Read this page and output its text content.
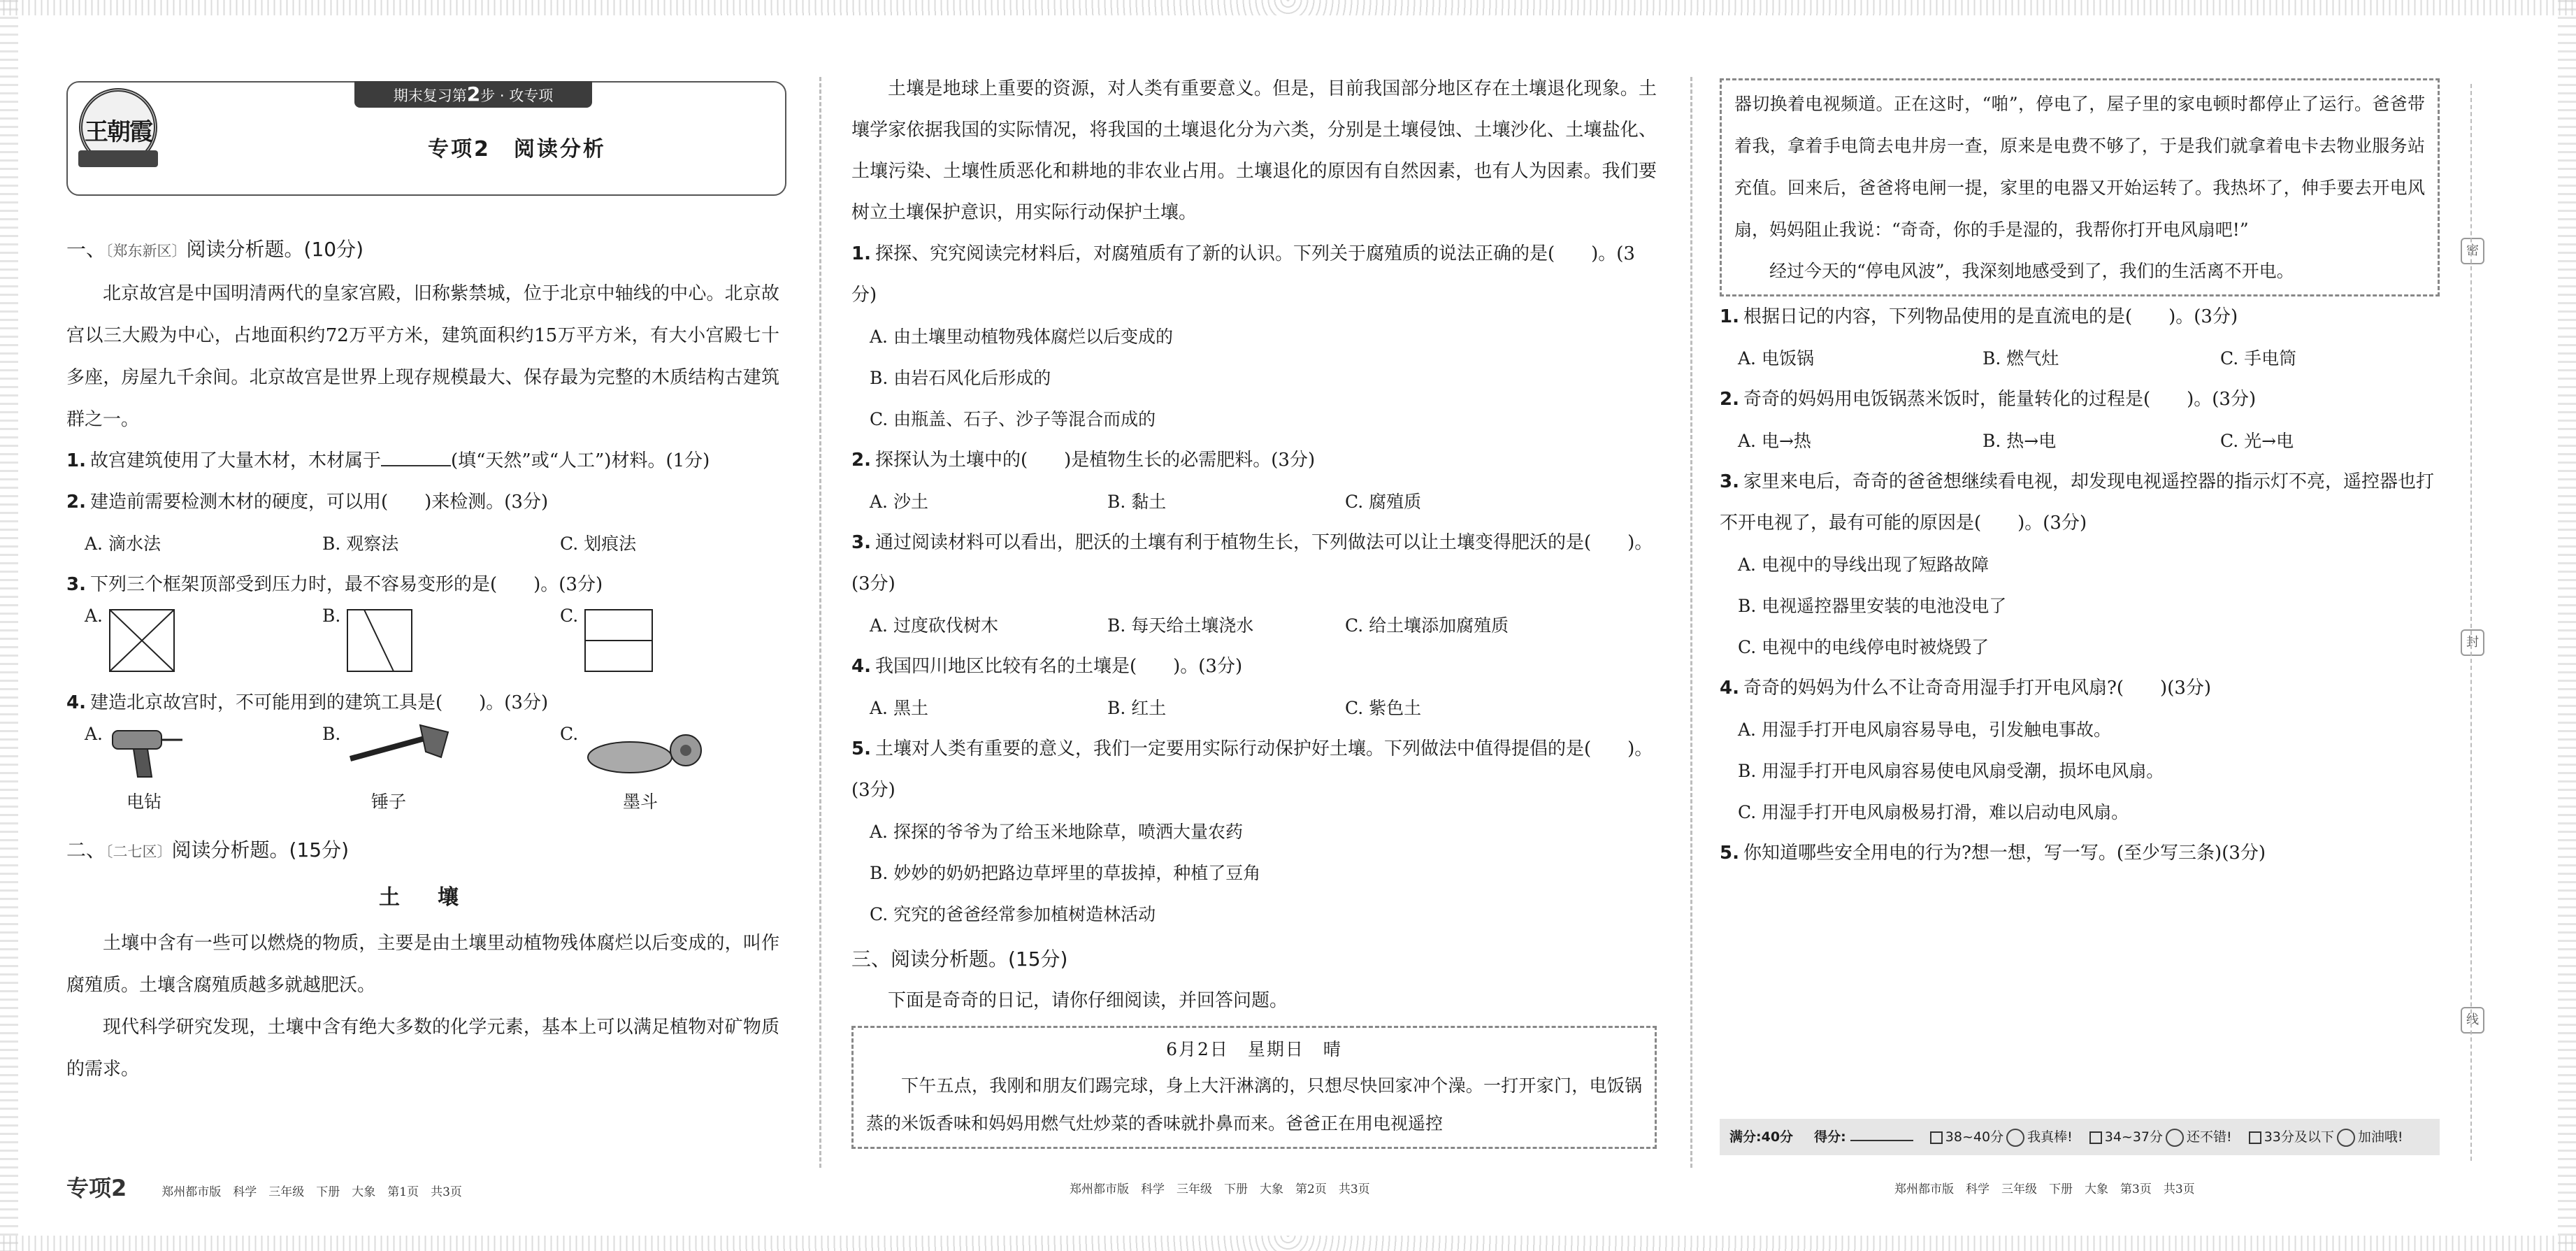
王朝霞
期末复习第2步 · 攻专项
专项2　阅读分析

一、〔郑东新区〕阅读分析题。(10分)

北京故宫是中国明清两代的皇家宫殿，旧称紫禁城，位于北京中轴线的中心。北京故宫以三大殿为中心，占地面积约72万平方米，建筑面积约15万平方米，有大小宫殿七十多座，房屋九千余间。北京故宫是世界上现存规模最大、保存最为完整的木质结构古建筑群之一。

1. 故宫建筑使用了大量木材，木材属于	(填“天然”或“人工”)材料。(1分)

2. 建造前需要检测木材的硬度，可以用(　　)来检测。(3分)

A. 滴水法	B. 观察法	C. 划痕法

3. 下列三个框架顶部受到压力时，最不容易变形的是(　　)。(3分)

A.	B.	C.

4. 建造北京故宫时，不可能用到的建筑工具是(　　)。(3分)

A.
电钻
B.
锤子
C.
墨斗

二、〔二七区〕阅读分析题。(15分)

土　壤

土壤中含有一些可以燃烧的物质，主要是由土壤里动植物残体腐烂以后变成的，叫作腐殖质。土壤含腐殖质越多就越肥沃。

现代科学研究发现，土壤中含有绝大多数的化学元素，基本上可以满足植物对矿物质的需求。

土壤是地球上重要的资源，对人类有重要意义。但是，目前我国部分地区存在土壤退化现象。土壤学家依据我国的实际情况，将我国的土壤退化分为六类，分别是土壤侵蚀、土壤沙化、土壤盐化、土壤污染、土壤性质恶化和耕地的非农业占用。土壤退化的原因有自然因素，也有人为因素。我们要树立土壤保护意识，用实际行动保护土壤。

1. 探探、究究阅读完材料后，对腐殖质有了新的认识。下列关于腐殖质的说法正确的是(　　)。(3分)

A. 由土壤里动植物残体腐烂以后变成的

B. 由岩石风化后形成的

C. 由瓶盖、石子、沙子等混合而成的

2. 探探认为土壤中的(　　)是植物生长的必需肥料。(3分)

A. 沙土	B. 黏土	C. 腐殖质

3. 通过阅读材料可以看出，肥沃的土壤有利于植物生长，下列做法可以让土壤变得肥沃的是(　　)。(3分)

A. 过度砍伐树木	B. 每天给土壤浇水	C. 给土壤添加腐殖质

4. 我国四川地区比较有名的土壤是(　　)。(3分)

A. 黑土	B. 红土	C. 紫色土

5. 土壤对人类有重要的意义，我们一定要用实际行动保护好土壤。下列做法中值得提倡的是(　　)。(3分)

A. 探探的爷爷为了给玉米地除草，喷洒大量农药

B. 妙妙的奶奶把路边草坪里的草拔掉，种植了豆角

C. 究究的爸爸经常参加植树造林活动

三、阅读分析题。(15分)

下面是奇奇的日记，请你仔细阅读，并回答问题。

6月2日　星期日　晴

下午五点，我刚和朋友们踢完球，身上大汗淋漓的，只想尽快回家冲个澡。一打开家门，电饭锅蒸的米饭香味和妈妈用燃气灶炒菜的香味就扑鼻而来。爸爸正在用电视遥控

器切换着电视频道。正在这时，“啪”，停电了，屋子里的家电顿时都停止了运行。爸爸带着我，拿着手电筒去电井房一查，原来是电费不够了，于是我们就拿着电卡去物业服务站充值。回来后，爸爸将电闸一提，家里的电器又开始运转了。我热坏了，伸手要去开电风扇，妈妈阻止我说：“奇奇，你的手是湿的，我帮你打开电风扇吧!”

经过今天的“停电风波”，我深刻地感受到了，我们的生活离不开电。

1. 根据日记的内容，下列物品使用的是直流电的是(　　)。(3分)

A. 电饭锅	B. 燃气灶	C. 手电筒

2. 奇奇的妈妈用电饭锅蒸米饭时，能量转化的过程是(　　)。(3分)

A. 电→热	B. 热→电	C. 光→电

3. 家里来电后，奇奇的爸爸想继续看电视，却发现电视遥控器的指示灯不亮，遥控器也打不开电视了，最有可能的原因是(　　)。(3分)

A. 电视中的导线出现了短路故障

B. 电视遥控器里安装的电池没电了

C. 电视中的电线停电时被烧毁了

4. 奇奇的妈妈为什么不让奇奇用湿手打开电风扇?(　　)(3分)

A. 用湿手打开电风扇容易导电，引发触电事故。

B. 用湿手打开电风扇容易使电风扇受潮，损坏电风扇。

C. 用湿手打开电风扇极易打滑，难以启动电风扇。

5. 你知道哪些安全用电的行为?想一想，写一写。(至少写三条)(3分)

满分:40分 得分:	38~40分 我真棒! 34~37分 还不错! 33分及以下 加油哦!
密
封
线
专项2	郑州都市版　科学　三年级　下册　大象　第1页　共3页	郑州都市版　科学　三年级　下册　大象　第2页　共3页	郑州都市版　科学　三年级　下册　大象　第3页　共3页
